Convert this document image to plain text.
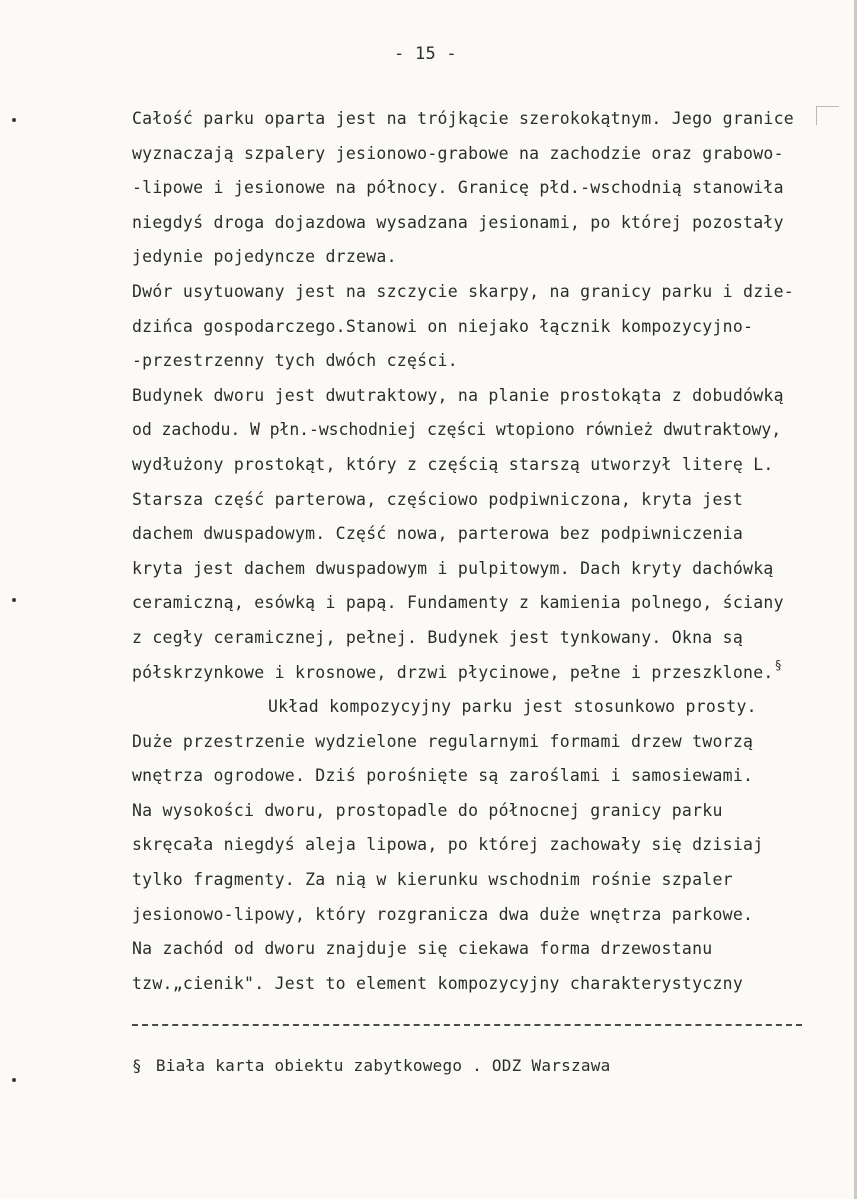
- 15 -
Całość parku oparta jest na trójkącie szerokokątnym. Jego granice
wyznaczają szpalery jesionowo-grabowe na zachodzie oraz grabowo-
-lipowe i jesionowe na północy. Granicę płd.-wschodnią stanowiła
niegdyś droga dojazdowa wysadzana jesionami, po której pozostały
jedynie pojedyncze drzewa.
Dwór usytuowany jest na szczycie skarpy, na granicy parku i dzie-
dzińca gospodarczego.Stanowi on niejako łącznik kompozycyjno-
-przestrzenny tych dwóch części.
Budynek dworu jest dwutraktowy, na planie prostokąta z dobudówką
od zachodu. W płn.-wschodniej części wtopiono również dwutraktowy,
wydłużony prostokąt, który z częścią starszą utworzył literę L.
Starsza część parterowa, częściowo podpiwniczona, kryta jest
dachem dwuspadowym. Część nowa, parterowa bez podpiwniczenia
kryta jest dachem dwuspadowym i pulpitowym. Dach kryty dachówką
ceramiczną, esówką i papą. Fundamenty z kamienia polnego, ściany
z cegły ceramicznej, pełnej. Budynek jest tynkowany. Okna są
półskrzynkowe i krosnowe, drzwi płycinowe, pełne i przeszklone.§
Układ kompozycyjny parku jest stosunkowo prosty.
Duże przestrzenie wydzielone regularnymi formami drzew tworzą
wnętrza ogrodowe. Dziś porośnięte są zaroślami i samosiewami.
Na wysokości dworu, prostopadle do północnej granicy parku
skręcała niegdyś aleja lipowa, po której zachowały się dzisiaj
tylko fragmenty. Za nią w kierunku wschodnim rośnie szpaler
jesionowo-lipowy, który rozgranicza dwa duże wnętrza parkowe.
Na zachód od dworu znajduje się ciekawa forma drzewostanu
tzw.„cienik". Jest to element kompozycyjny charakterystyczny
§ Biała karta obiektu zabytkowego . ODZ Warszawa
